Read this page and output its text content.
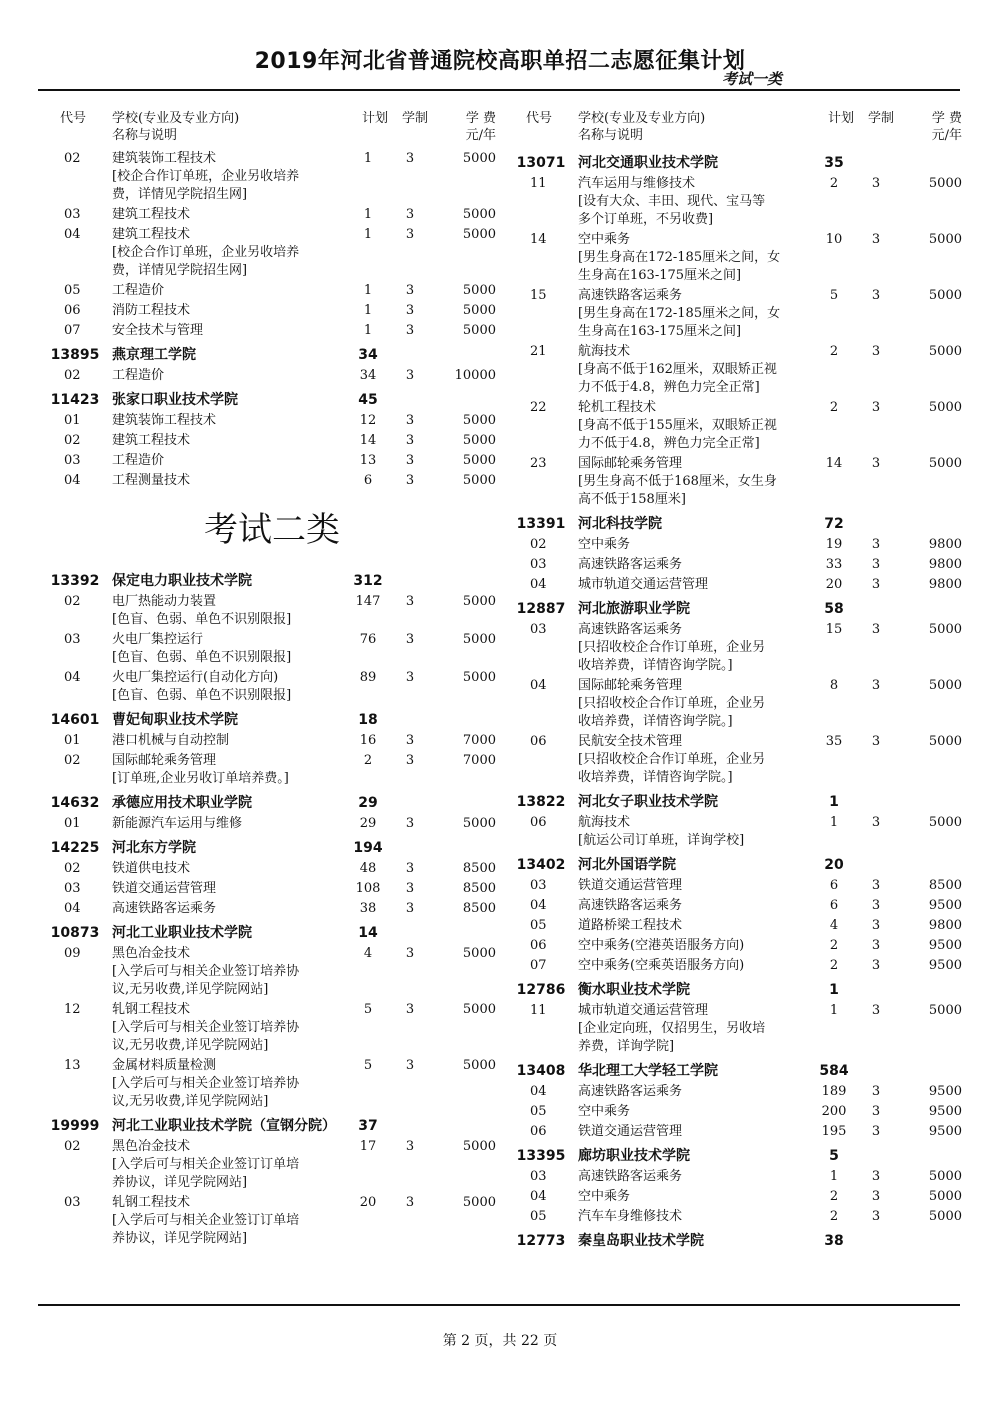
2019年河北省普通院校高职单招二志愿征集计划
考试一类
代号 学校(专业及专业方向)
名称与说明
计划 学制	学 费
元/年
02	建筑装饰工程技术	1	3	5000
[校企合作订单班，企业另收培养
费，详情见学院招生网]
03	建筑工程技术	1	3	5000
04	建筑工程技术	1	3	5000
[校企合作订单班，企业另收培养
费，详情见学院招生网]
05	工程造价	1	3	5000
06	消防工程技术	1	3	5000
07	安全技术与管理	1	3	5000
13895 燕京理工学院	34
02	工程造价	34	3	10000
11423 张家口职业技术学院	45
01	建筑装饰工程技术	12	3	5000
02	建筑工程技术	14	3	5000
03	工程造价	13	3	5000
04	工程测量技术	6	3	5000
考试二类
13392 保定电力职业技术学院	312
02	电厂热能动力装置	147	3	5000
[色盲、色弱、单色不识别限报]
03	火电厂集控运行	76	3	5000
[色盲、色弱、单色不识别限报]
04	火电厂集控运行(自动化方向)	89	3	5000
[色盲、色弱、单色不识别限报]
14601 曹妃甸职业技术学院	18
01	港口机械与自动控制	16	3	7000
02	国际邮轮乘务管理	2	3	7000
[订单班,企业另收订单培养费。]
14632 承德应用技术职业学院	29
01	新能源汽车运用与维修	29	3	5000
14225 河北东方学院	194
02	铁道供电技术	48	3	8500
03	铁道交通运营管理	108	3	8500
04	高速铁路客运乘务	38	3	8500
10873 河北工业职业技术学院	14
09	黑色冶金技术	4	3	5000
[入学后可与相关企业签订培养协
议,无另收费,详见学院网站]
12	轧钢工程技术	5	3	5000
[入学后可与相关企业签订培养协
议,无另收费,详见学院网站]
13	金属材料质量检测	5	3	5000
[入学后可与相关企业签订培养协
议,无另收费,详见学院网站]
19999 河北工业职业技术学院（宣钢分院）	37
02	黑色冶金技术	17	3	5000
[入学后可与相关企业签订订单培
养协议，详见学院网站]
03	轧钢工程技术	20	3	5000
[入学后可与相关企业签订订单培
养协议，详见学院网站]
代号 学校(专业及专业方向)
名称与说明
计划 学制	学 费
元/年
13071 河北交通职业技术学院	35
11	汽车运用与维修技术	2	3	5000
[设有大众、丰田、现代、宝马等
多个订单班，不另收费]
14	空中乘务	10	3	5000
[男生身高在172-185厘米之间，女
生身高在163-175厘米之间]
15	高速铁路客运乘务	5	3	5000
[男生身高在172-185厘米之间，女
生身高在163-175厘米之间]
21	航海技术	2	3	5000
[身高不低于162厘米，双眼矫正视
力不低于4.8，辨色力完全正常]
22	轮机工程技术	2	3	5000
[身高不低于155厘米，双眼矫正视
力不低于4.8，辨色力完全正常]
23	国际邮轮乘务管理	14	3	5000
[男生身高不低于168厘米，女生身
高不低于158厘米]
13391 河北科技学院	72
02	空中乘务	19	3	9800
03	高速铁路客运乘务	33	3	9800
04	城市轨道交通运营管理	20	3	9800
12887 河北旅游职业学院	58
03	高速铁路客运乘务	15	3	5000
[只招收校企合作订单班，企业另
收培养费，详情咨询学院。]
04	国际邮轮乘务管理	8	3	5000
[只招收校企合作订单班，企业另
收培养费，详情咨询学院。]
06	民航安全技术管理	35	3	5000
[只招收校企合作订单班，企业另
收培养费，详情咨询学院。]
13822 河北女子职业技术学院	1
06	航海技术	1	3	5000
[航运公司订单班，详询学校]
13402 河北外国语学院	20
03	铁道交通运营管理	6	3	8500
04	高速铁路客运乘务	6	3	9500
05	道路桥梁工程技术	4	3	9800
06	空中乘务(空港英语服务方向)	2	3	9500
07	空中乘务(空乘英语服务方向)	2	3	9500
12786 衡水职业技术学院	1
11	城市轨道交通运营管理	1	3	5000
[企业定向班，仅招男生，另收培
养费，详询学院]
13408 华北理工大学轻工学院	584
04	高速铁路客运乘务	189	3	9500
05	空中乘务	200	3	9500
06	铁道交通运营管理	195	3	9500
13395 廊坊职业技术学院	5
03	高速铁路客运乘务	1	3	5000
04	空中乘务	2	3	5000
05	汽车车身维修技术	2	3	5000
12773 秦皇岛职业技术学院	38
第 2 页，共 22 页
